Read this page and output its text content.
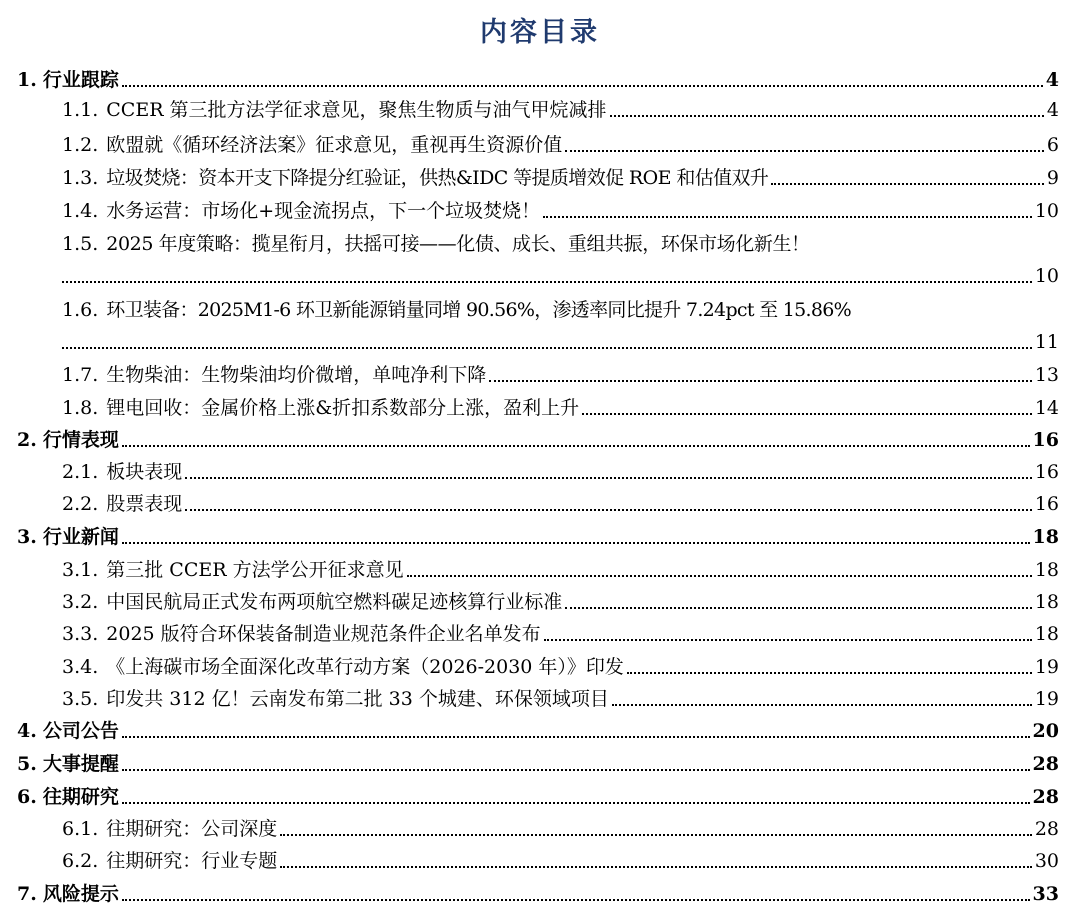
内容目录
1. 行业跟踪	4
1.1. CCER 第三批方法学征求意见，聚焦生物质与油气甲烷减排	4
1.2. 欧盟就《循环经济法案》征求意见，重视再生资源价值	6
1.3. 垃圾焚烧：资本开支下降提分红验证，供热&IDC 等提质增效促 ROE 和估值双升	9
1.4. 水务运营：市场化+现金流拐点，下一个垃圾焚烧！	10
1.5. 2025 年度策略：揽星衔月，扶摇可接——化债、成长、重组共振，环保市场化新生！
10
1.6. 环卫装备：2025M1-6 环卫新能源销量同增 90.56%，渗透率同比提升 7.24pct 至 15.86%
11
1.7. 生物柴油：生物柴油均价微增，单吨净利下降	13
1.8. 锂电回收：金属价格上涨&折扣系数部分上涨，盈利上升	14
2. 行情表现	16
2.1. 板块表现	16
2.2. 股票表现	16
3. 行业新闻	18
3.1. 第三批 CCER 方法学公开征求意见	18
3.2. 中国民航局正式发布两项航空燃料碳足迹核算行业标准	18
3.3. 2025 版符合环保装备制造业规范条件企业名单发布	18
3.4. 《上海碳市场全面深化改革行动方案（2026-2030 年）》印发	19
3.5. 印发共 312 亿！云南发布第二批 33 个城建、环保领域项目	19
4. 公司公告	20
5. 大事提醒	28
6. 往期研究	28
6.1. 往期研究：公司深度	28
6.2. 往期研究：行业专题	30
7. 风险提示	33
